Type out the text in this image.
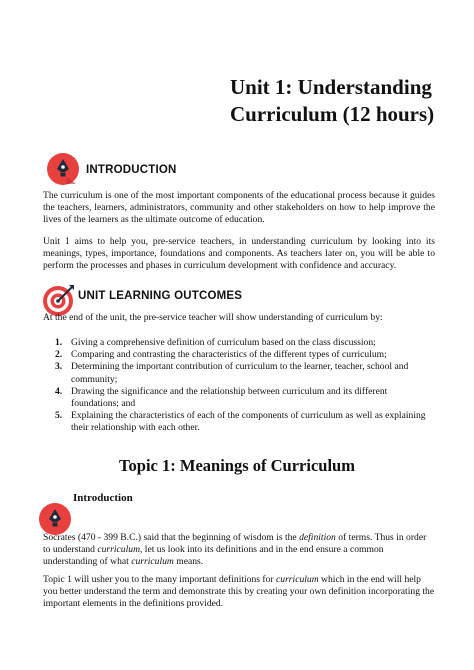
Unit 1: Understanding
Curriculum (12 hours)
INTRODUCTION

The curriculum is one of the most important components of the educational process because it guides the teachers, learners, administrators, community and other stakeholders on how to help improve the lives of the learners as the ultimate outcome of education.

Unit 1 aims to help you, pre-service teachers, in understanding curriculum by looking into its meanings, types, importance, foundations and components. As teachers later on, you will be able to perform the processes and phases in curriculum development with confidence and accuracy.

UNIT LEARNING OUTCOMES

At the end of the unit, the pre-service teacher will show understanding of curriculum by:

1. Giving a comprehensive definition of curriculum based on the class discussion;
2. Comparing and contrasting the characteristics of the different types of curriculum;
3. Determining the important contribution of curriculum to the learner, teacher, school and community;
4. Drawing the significance and the relationship between curriculum and its different foundations; and
5. Explaining the characteristics of each of the components of curriculum as well as explaining their relationship with each other.
Topic 1: Meanings of Curriculum
Introduction

Socrates (470 - 399 B.C.) said that the beginning of wisdom is the definition of terms. Thus in order to understand curriculum, let us look into its definitions and in the end ensure a common understanding of what curriculum means.

Topic 1 will usher you to the many important definitions for curriculum which in the end will help you better understand the term and demonstrate this by creating your own definition incorporating the important elements in the definitions provided.
